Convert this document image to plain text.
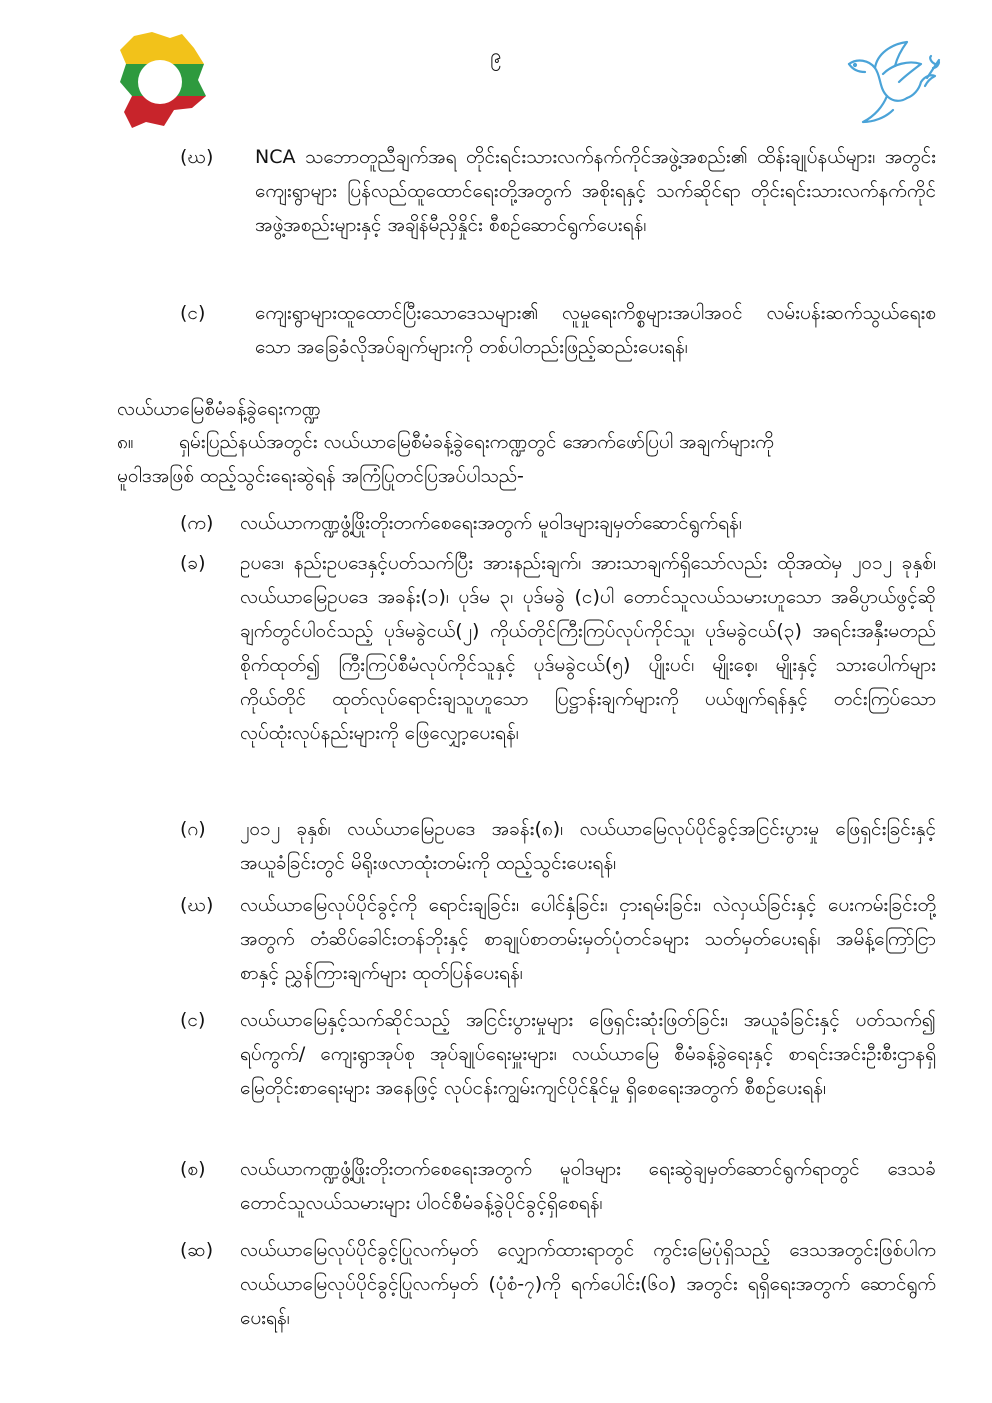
၉
(ဃ) NCA သဘောတူညီချက်အရ တိုင်းရင်းသားလက်နက်ကိုင်အဖွဲ့အစည်း၏ ထိန်းချုပ်နယ်များ၊ အတွင်းကျေးရွာများ ပြန်လည်ထူထောင်ရေးတို့အတွက် အစိုးရနှင့် သက်ဆိုင်ရာ တိုင်းရင်းသားလက်နက်ကိုင်အဖွဲ့အစည်းများနှင့် အချိန်မီညှိနှိုင်း စီစဉ်ဆောင်ရွက်ပေးရန်၊
(င)	ကျေးရွာများထူထောင်ပြီးသောဒေသများ၏ လူမှုရေးကိစ္စများအပါအဝင် လမ်းပန်းဆက်သွယ်ရေးစသော အခြေခံလိုအပ်ချက်များကို တစ်ပါတည်းဖြည့်ဆည်းပေးရန်၊
လယ်ယာမြေစီမံခန့်ခွဲရေးကဏ္ဍ
၈။ ရှမ်းပြည်နယ်အတွင်း လယ်ယာမြေစီမံခန့်ခွဲရေးကဏ္ဍတွင် အောက်ဖော်ပြပါ အချက်များကို
မူဝါဒအဖြစ် ထည့်သွင်းရေးဆွဲရန် အကြံပြုတင်ပြအပ်ပါသည်-
(က) လယ်ယာကဏ္ဍဖွံ့ဖြိုးတိုးတက်စေရေးအတွက် မူဝါဒများချမှတ်ဆောင်ရွက်ရန်၊
(ခ) ဥပဒေ၊ နည်းဥပဒေနှင့်ပတ်သက်ပြီး အားနည်းချက်၊ အားသာချက်ရှိသော်လည်း ထိုအထဲမှ ၂၀၁၂ ခုနှစ်၊ လယ်ယာမြေဥပဒေ အခန်း(၁)၊ ပုဒ်မ ၃၊ ပုဒ်မခွဲ (င)ပါ တောင်သူလယ်သမားဟူသော အဓိပ္ပာယ်ဖွင့်ဆိုချက်တွင်ပါဝင်သည့် ပုဒ်မခွဲငယ်(၂) ကိုယ်တိုင်ကြီးကြပ်လုပ်ကိုင်သူ၊ ပုဒ်မခွဲငယ်(၃) အရင်းအနှီးမတည်စိုက်ထုတ်၍ ကြီးကြပ်စီမံလုပ်ကိုင်သူနှင့် ပုဒ်မခွဲငယ်(၅) ပျိုးပင်၊ မျိုးစေ့၊ မျိုးနှင့် သားပေါက်များ ကိုယ်တိုင် ထုတ်လုပ်ရောင်းချသူဟူသော ပြဋ္ဌာန်းချက်များကို ပယ်ဖျက်ရန်နှင့် တင်းကြပ်သော လုပ်ထုံးလုပ်နည်းများကို ဖြေလျှော့ပေးရန်၊
(ဂ) ၂၀၁၂ ခုနှစ်၊ လယ်ယာမြေဥပဒေ အခန်း(၈)၊ လယ်ယာမြေလုပ်ပိုင်ခွင့်အငြင်းပွားမှု ဖြေရှင်းခြင်းနှင့် အယူခံခြင်းတွင် မိရိုးဖလာထုံးတမ်းကို ထည့်သွင်းပေးရန်၊
(ဃ) လယ်ယာမြေလုပ်ပိုင်ခွင့်ကို ရောင်းချခြင်း၊ ပေါင်နှံခြင်း၊ ငှားရမ်းခြင်း၊ လဲလှယ်ခြင်းနှင့် ပေးကမ်းခြင်းတို့အတွက် တံဆိပ်ခေါင်းတန်ဘိုးနှင့် စာချုပ်စာတမ်းမှတ်ပုံတင်ခများ သတ်မှတ်ပေးရန်၊ အမိန့်ကြော်ငြာစာနှင့် ညွှန်ကြားချက်များ ထုတ်ပြန်ပေးရန်၊
(င) လယ်ယာမြေနှင့်သက်ဆိုင်သည့် အငြင်းပွားမှုများ ဖြေရှင်းဆုံးဖြတ်ခြင်း၊ အယူခံခြင်းနှင့် ပတ်သက်၍ ရပ်ကွက်/ ကျေးရွာအုပ်စု အုပ်ချုပ်ရေးမှူးများ၊ လယ်ယာမြေ စီမံခန့်ခွဲရေးနှင့် စာရင်းအင်းဦးစီးဌာနရှိ မြေတိုင်းစာရေးများ အနေဖြင့် လုပ်ငန်းကျွမ်းကျင်ပိုင်နိုင်မှု ရှိစေရေးအတွက် စီစဉ်ပေးရန်၊
(စ) လယ်ယာကဏ္ဍဖွံ့ဖြိုးတိုးတက်စေရေးအတွက် မူဝါဒများ ရေးဆွဲချမှတ်ဆောင်ရွက်ရာတွင် ဒေသခံတောင်သူလယ်သမားများ ပါဝင်စီမံခန့်ခွဲပိုင်ခွင့်ရှိစေရန်၊
(ဆ) လယ်ယာမြေလုပ်ပိုင်ခွင့်ပြုလက်မှတ် လျှောက်ထားရာတွင် ကွင်းမြေပုံရှိသည့် ဒေသအတွင်းဖြစ်ပါက လယ်ယာမြေလုပ်ပိုင်ခွင့်ပြုလက်မှတ် (ပုံစံ-၇)ကို ရက်ပေါင်း(၆၀) အတွင်း ရရှိရေးအတွက် ဆောင်ရွက်ပေးရန်၊
